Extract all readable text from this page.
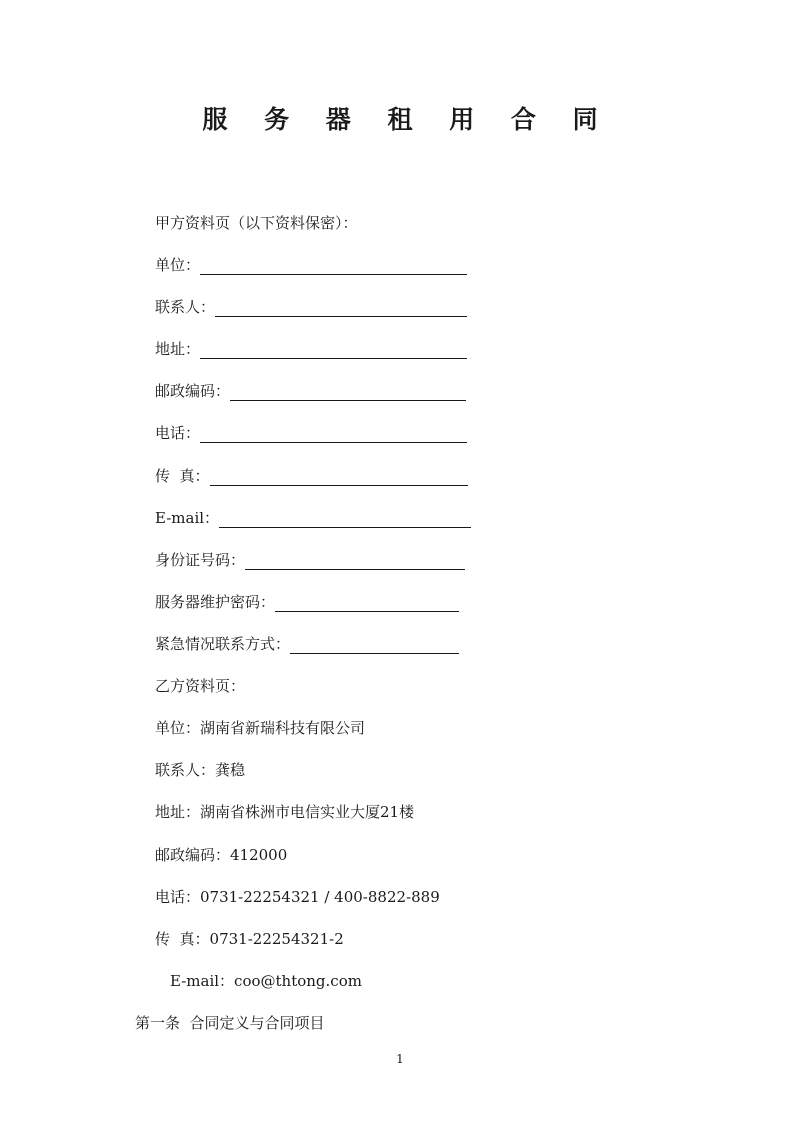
服 务 器 租 用 合 同
甲方资料页（以下资料保密）：
单位：
联系人：
地址：
邮政编码：
电话：
传  真：
E-mail：
身份证号码：
服务器维护密码：
紧急情况联系方式：
乙方资料页：
单位：湖南省新瑞科技有限公司
联系人：龚稳
地址：湖南省株洲市电信实业大厦21楼
邮政编码：412000
电话：0731-22254321 / 400-8822-889
传  真：0731-22254321-2
E-mail：coo@thtong.com
第一条  合同定义与合同项目
1
